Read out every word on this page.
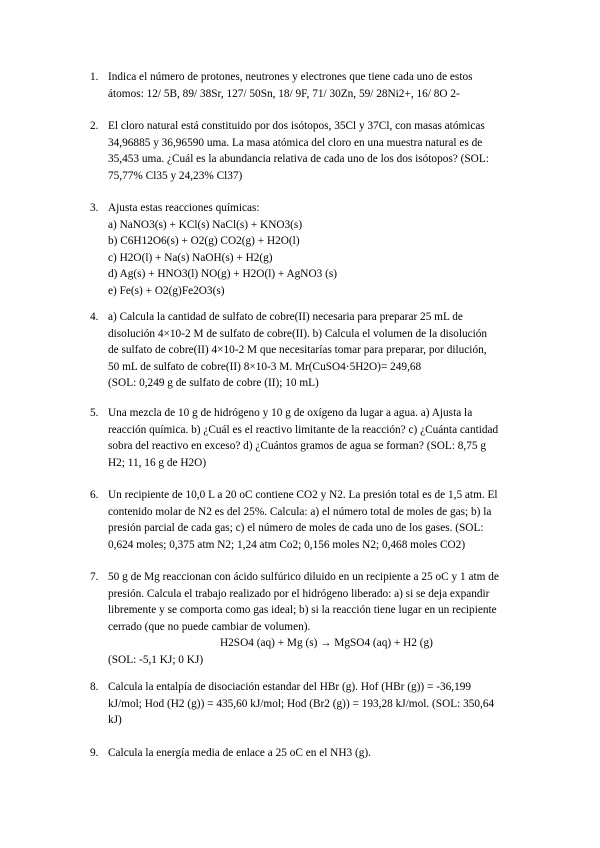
1. Indica el número de protones, neutrones y electrones que tiene cada uno de estos
átomos: 12/ 5B, 89/ 38Sr, 127/ 50Sn, 18/ 9F, 71/ 30Zn, 59/ 28Ni2+, 16/ 8O 2-
2. El cloro natural está constituido por dos isótopos, 35Cl y 37Cl, con masas atómicas
34,96885 y 36,96590 uma. La masa atómica del cloro en una muestra natural es de
35,453 uma. ¿Cuál es la abundancia relativa de cada uno de los dos isótopos? (SOL:
75,77% Cl35 y 24,23% Cl37)
3. Ajusta estas reacciones químicas:
a) NaNO3(s) + KCl(s) NaCl(s) + KNO3(s)
b) C6H12O6(s) + O2(g) CO2(g) + H2O(l)
c) H2O(l) + Na(s) NaOH(s) + H2(g)
d) Ag(s) + HNO3(l) NO(g) + H2O(l) + AgNO3 (s)
e) Fe(s) + O2(g)Fe2O3(s)
4. a) Calcula la cantidad de sulfato de cobre(II) necesaria para preparar 25 mL de
disolución 4×10-2 M de sulfato de cobre(II). b) Calcula el volumen de la disolución
de sulfato de cobre(II) 4×10-2 M que necesitarías tomar para preparar, por dilución,
50 mL de sulfato de cobre(II) 8×10-3 M. Mr(CuSO4·5H2O)= 249,68
(SOL: 0,249 g de sulfato de cobre (II); 10 mL)
5. Una mezcla de 10 g de hidrógeno y 10 g de oxígeno da lugar a agua. a) Ajusta la
reacción química. b) ¿Cuál es el reactivo limitante de la reacción? c) ¿Cuánta cantidad
sobra del reactivo en exceso? d) ¿Cuántos gramos de agua se forman? (SOL: 8,75 g
H2; 11, 16 g de H2O)
6. Un recipiente de 10,0 L a 20 oC contiene CO2 y N2. La presión total es de 1,5 atm. El
contenido molar de N2 es del 25%. Calcula: a) el número total de moles de gas; b) la
presión parcial de cada gas; c) el número de moles de cada uno de los gases. (SOL:
0,624 moles; 0,375 atm N2; 1,24 atm Co2; 0,156 moles N2; 0,468 moles CO2)
7. 50 g de Mg reaccionan con ácido sulfúrico diluido en un recipiente a 25 oC y 1 atm de
presión. Calcula el trabajo realizado por el hidrógeno liberado: a) si se deja expandir
libremente y se comporta como gas ideal; b) si la reacción tiene lugar en un recipiente
cerrado (que no puede cambiar de volumen).
H2SO4 (aq) + Mg (s) → MgSO4 (aq) + H2 (g)
(SOL: -5,1 KJ; 0 KJ)
8. Calcula la entalpía de disociación estandar del HBr (g). Hof (HBr (g)) = -36,199
kJ/mol; Hod (H2 (g)) = 435,60 kJ/mol; Hod (Br2 (g)) = 193,28 kJ/mol. (SOL: 350,64
kJ)
9. Calcula la energía media de enlace a 25 oC en el NH3 (g).
